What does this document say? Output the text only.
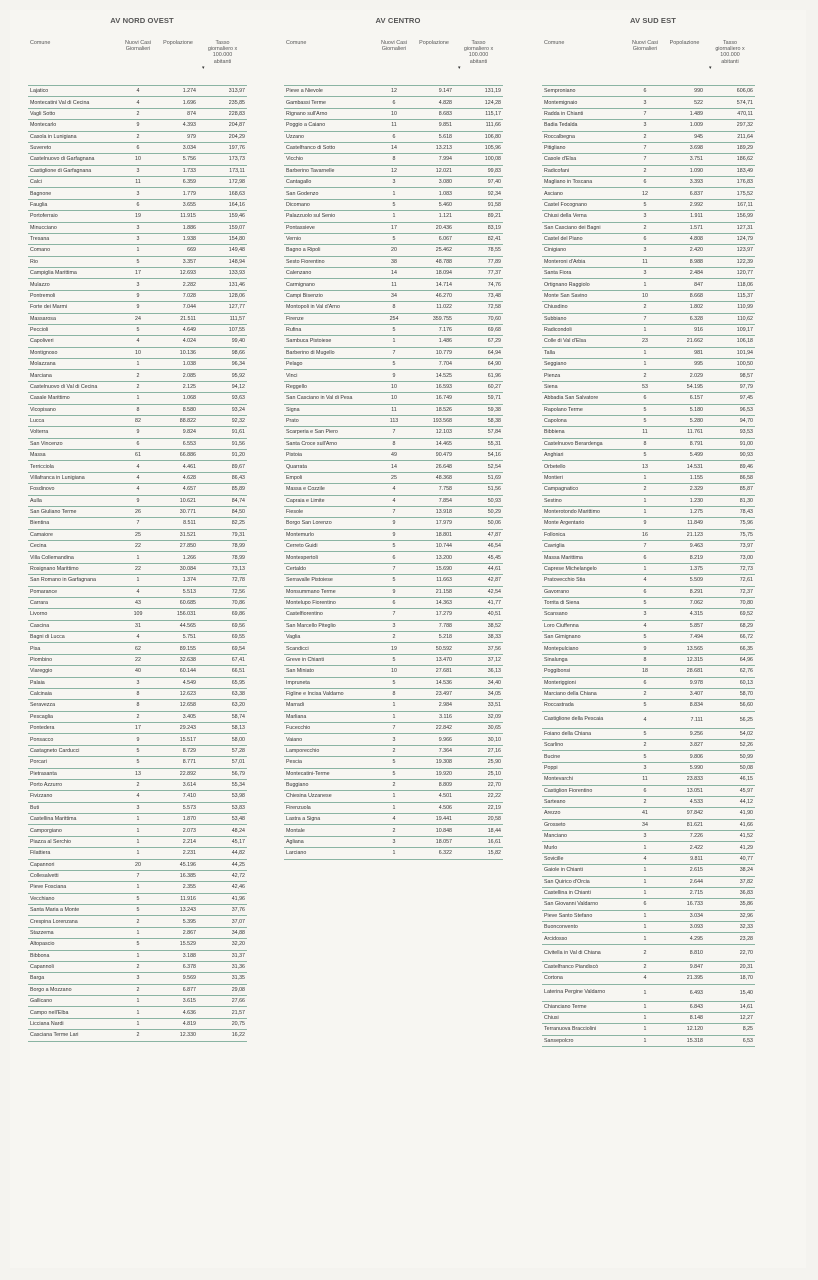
AV NORD OVEST
Comune	Nuovi Casi
Giornalieri
Popolazione	Tasso
giornaliero x
100.000
abitanti
▾
Lajatico	4	1.274	313,97
Montecatini Val di Cecina	4	1.696	235,85
Vagli Sotto	2	874	228,83
Montecarlo	9	4.393	204,87
Casola in Lunigiana	2	979	204,29
Suvereto	6	3.034	197,76
Castelnuovo di Garfagnana	10	5.756	173,73
Castiglione di Garfagnana	3	1.733	173,11
Calci	11	6.359	172,98
Bagnone	3	1.779	168,63
Fauglia	6	3.655	164,16
Portoferraio	19	11.915	159,46
Minucciano	3	1.886	159,07
Tresana	3	1.938	154,80
Comano	1	669	149,48
Rio	5	3.357	148,94
Campiglia Marittima	17	12.693	133,93
Mulazzo	3	2.282	131,46
Pontremoli	9	7.028	128,06
Forte dei Marmi	9	7.044	127,77
Massarosa	24	21.511	111,57
Peccioli	5	4.649	107,55
Capoliveri	4	4.024	99,40
Montignoso	10	10.136	98,66
Molazzana	1	1.038	96,34
Marciana	2	2.085	95,92
Castelnuovo di Val di Cecina	2	2.125	94,12
Casale Marittimo	1	1.068	93,63
Vicopisano	8	8.580	93,24
Lucca	82	88.822	92,32
Volterra	9	9.824	91,61
San Vincenzo	6	6.553	91,56
Massa	61	66.886	91,20
Terricciola	4	4.461	89,67
Villafranca in Lunigiana	4	4.628	86,43
Fosdinovo	4	4.657	85,89
Aulla	9	10.621	84,74
San Giuliano Terme	26	30.771	84,50
Bientina	7	8.511	82,25
Camaiore	25	31.521	79,31
Cecina	22	27.850	78,99
Villa Collemandina	1	1.266	78,99
Rosignano Marittimo	22	30.084	73,13
San Romano in Garfagnana	1	1.374	72,78
Pomarance	4	5.513	72,56
Carrara	43	60.685	70,86
Livorno	109	156.031	69,86
Cascina	31	44.565	69,56
Bagni di Lucca	4	5.751	69,55
Pisa	62	89.155	69,54
Piombino	22	32.638	67,41
Viareggio	40	60.144	66,51
Palaia	3	4.549	65,95
Calcinaia	8	12.623	63,38
Seravezza	8	12.658	63,20
Pescaglia	2	3.405	58,74
Pontedera	17	29.243	58,13
Ponsacco	9	15.517	58,00
Castagneto Carducci	5	8.729	57,28
Porcari	5	8.771	57,01
Pietrasanta	13	22.892	56,79
Porto Azzurro	2	3.614	55,34
Fivizzano	4	7.410	53,98
Buti	3	5.573	53,83
Castellina Marittima	1	1.870	53,48
Camporgiano	1	2.073	48,24
Piazza al Serchio	1	2.214	45,17
Filattiera	1	2.231	44,82
Capannori	20	45.196	44,25
Collesalvetti	7	16.385	42,72
Pieve Fosciana	1	2.355	42,46
Vecchiano	5	11.916	41,96
Santa Maria a Monte	5	13.243	37,76
Crespina Lorenzana	2	5.395	37,07
Stazzema	1	2.867	34,88
Altopascio	5	15.529	32,20
Bibbona	1	3.188	31,37
Capannoli	2	6.378	31,36
Barga	3	9.569	31,35
Borgo a Mozzano	2	6.877	29,08
Gallicano	1	3.615	27,66
Campo nell'Elba	1	4.636	21,57
Licciana Nardi	1	4.819	20,75
Casciana Terme Lari	2	12.330	16,22
AV CENTRO
Comune	Nuovi Casi
Giornalieri
Popolazione	Tasso
giornaliero x
100.000
abitanti
▾
Pieve a Nievole	12	9.147	131,19
Gambassi Terme	6	4.828	124,28
Rignano sull'Arno	10	8.683	115,17
Poggio a Caiano	11	9.851	111,66
Uzzano	6	5.618	106,80
Castelfranco di Sotto	14	13.213	105,96
Vicchio	8	7.994	100,08
Barberino Tavarnelle	12	12.021	99,83
Cantagallo	3	3.080	97,40
San Godenzo	1	1.083	92,34
Dicomano	5	5.460	91,58
Palazzuolo sul Senio	1	1.121	89,21
Pontassieve	17	20.436	83,19
Vernio	5	6.067	82,41
Bagno a Ripoli	20	25.462	78,55
Sesto Fiorentino	38	48.788	77,89
Calenzano	14	18.094	77,37
Carmignano	11	14.714	74,76
Campi Bisenzio	34	46.270	73,48
Montopoli in Val d'Arno	8	11.022	72,58
Firenze	254	359.755	70,60
Rufina	5	7.176	69,68
Sambuca Pistoiese	1	1.486	67,29
Barberino di Mugello	7	10.779	64,94
Pelago	5	7.704	64,90
Vinci	9	14.525	61,96
Reggello	10	16.593	60,27
San Casciano in Val di Pesa	10	16.749	59,71
Signa	11	18.526	59,38
Prato	113	193.568	58,38
Scarperia e San Piero	7	12.103	57,84
Santa Croce sull'Arno	8	14.465	55,31
Pistoia	49	90.479	54,16
Quarrata	14	26.648	52,54
Empoli	25	48.368	51,69
Massa e Cozzile	4	7.758	51,56
Capraia e Limite	4	7.854	50,93
Fiesole	7	13.918	50,29
Borgo San Lorenzo	9	17.979	50,06
Montemurlo	9	18.801	47,87
Cerreto Guidi	5	10.744	46,54
Montespertoli	6	13.200	45,45
Certaldo	7	15.690	44,61
Serravalle Pistoiese	5	11.663	42,87
Monsummano Terme	9	21.158	42,54
Montelupo Fiorentino	6	14.363	41,77
Castelfiorentino	7	17.279	40,51
San Marcello Piteglio	3	7.788	38,52
Vaglia	2	5.218	38,33
Scandicci	19	50.592	37,56
Greve in Chianti	5	13.470	37,12
San Miniato	10	27.681	36,13
Impruneta	5	14.536	34,40
Figline e Incisa Valdarno	8	23.497	34,05
Marradi	1	2.984	33,51
Marliana	1	3.116	32,09
Fucecchio	7	22.842	30,65
Vaiano	3	9.966	30,10
Lamporecchio	2	7.364	27,16
Pescia	5	19.308	25,90
Montecatini-Terme	5	19.920	25,10
Buggiano	2	8.809	22,70
Chiesina Uzzanese	1	4.501	22,22
Firenzuola	1	4.506	22,19
Lastra a Signa	4	19.441	20,58
Montale	2	10.848	18,44
Agliana	3	18.057	16,61
Larciano	1	6.322	15,82
AV SUD EST
Comune	Nuovi Casi
Giornalieri
Popolazione	Tasso
giornaliero x
100.000
abitanti
▾
Semproniano	6	990	606,06
Montemignaio	3	522	574,71
Radda in Chianti	7	1.489	470,11
Badia Tedalda	3	1.009	297,32
Roccalbegna	2	945	211,64
Pitigliano	7	3.698	189,29
Casole d'Elsa	7	3.751	186,62
Radicofani	2	1.090	183,49
Magliano in Toscana	6	3.393	176,83
Asciano	12	6.837	175,52
Castel Focognano	5	2.992	167,11
Chiusi della Verna	3	1.911	156,99
San Casciano dei Bagni	2	1.571	127,31
Castel del Piano	6	4.808	124,79
Cinigiano	3	2.420	123,97
Monteroni d'Arbia	11	8.988	122,39
Santa Fiora	3	2.484	120,77
Ortignano Raggiolo	1	847	118,06
Monte San Savino	10	8.668	115,37
Chiusdino	2	1.802	110,99
Subbiano	7	6.328	110,62
Radicondoli	1	916	109,17
Colle di Val d'Elsa	23	21.662	106,18
Talla	1	981	101,94
Seggiano	1	995	100,50
Pienza	2	2.029	98,57
Siena	53	54.195	97,79
Abbadia San Salvatore	6	6.157	97,45
Rapolano Terme	5	5.180	96,53
Capolona	5	5.280	94,70
Bibbiena	11	11.761	93,53
Castelnuovo Berardenga	8	8.791	91,00
Anghiari	5	5.499	90,93
Orbetello	13	14.531	89,46
Montieri	1	1.155	86,58
Campagnatico	2	2.329	85,87
Sestino	1	1.230	81,30
Monterotondo Marittimo	1	1.275	78,43
Monte Argentario	9	11.849	75,96
Follonica	16	21.123	75,75
Cavriglia	7	9.463	73,97
Massa Marittima	6	8.219	73,00
Caprese Michelangelo	1	1.375	72,73
Pratovecchio Stia	4	5.509	72,61
Gavorrano	6	8.291	72,37
Torrita di Siena	5	7.062	70,80
Scansano	3	4.315	69,52
Loro Ciuffenna	4	5.857	68,29
San Gimignano	5	7.494	66,72
Montepulciano	9	13.565	66,35
Sinalunga	8	12.315	64,96
Poggibonsi	18	28.681	62,76
Monteriggioni	6	9.978	60,13
Marciano della Chiana	2	3.407	58,70
Roccastrada	5	8.834	56,60
Castiglione della Pescaia	4	7.111	56,25
Foiano della Chiana	5	9.256	54,02
Scarlino	2	3.827	52,26
Bucine	5	9.806	50,99
Poppi	3	5.990	50,08
Montevarchi	11	23.833	46,15
Castiglion Fiorentino	6	13.051	45,97
Sarteano	2	4.533	44,12
Arezzo	41	97.842	41,90
Grosseto	34	81.621	41,66
Manciano	3	7.226	41,52
Murlo	1	2.422	41,29
Sovicille	4	9.811	40,77
Gaiole in Chianti	1	2.615	38,24
San Quirico d'Orcia	1	2.644	37,82
Castellina in Chianti	1	2.715	36,83
San Giovanni Valdarno	6	16.733	35,86
Pieve Santo Stefano	1	3.034	32,96
Buonconvento	1	3.093	32,33
Arcidosso	1	4.295	23,28
Civitella in Val di Chiana	2	8.810	22,70
Castelfranco Piandiscò	2	9.847	20,31
Cortona	4	21.395	18,70
Laterina Pergine Valdarno	1	6.493	15,40
Chianciano Terme	1	6.843	14,61
Chiusi	1	8.148	12,27
Terranuova Bracciolini	1	12.120	8,25
Sansepolcro	1	15.318	6,53
